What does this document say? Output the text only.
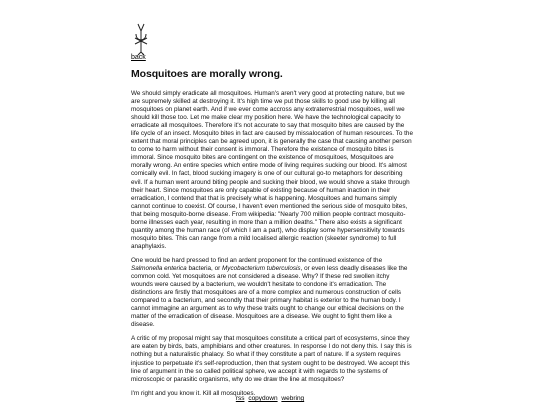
back
Mosquitoes are morally wrong.

We should simply eradicate all mosquitoes. Human's aren't very good at protecting nature, but we are supremely skilled at destroying it. It's high time we put those skills to good use by killing all mosquitoes on planet earth. And if we ever come accross any extraterrestrial mosquitoes, well we should kill those too. Let me make clear my position here. We have the technological capacity to erradicate all mosquitoes. Therefore it's not accurate to say that mosquito bites are caused by the life cycle of an insect. Mosquito bites in fact are caused by missalocation of human resources. To the extent that moral principles can be agreed upon, it is generally the case that causing another person to come to harm without their consent is immoral. Therefore the existence of mosquito bites is immoral. Since mosquito bites are contingent on the existence of mosquitoes, Mosquitoes are morally wrong. An entire species which entire mode of living requires sucking our blood. It's almost comically evil. In fact, blood sucking imagery is one of our cultural go-to metaphors for describing evil. If a human went around biting people and sucking their blood, we would shove a stake through their heart. Since mosquitoes are only capable of existing because of human inaction in their erradication, I contend that that is precisely what is happening. Mosquitoes and humans simply cannot continue to coexist. Of course, I haven't even mentioned the serious side of mosquito bites, that being mosquito-borne disease. From wikipedia: "Nearly 700 million people contract mosquito-borne illnesses each year, resulting in more than a million deaths." There also exists a significant quantity among the human race (of which I am a part), who display some hypersensitivity towards mosquito bites. This can range from a mild localised allergic reaction (skeeter syndrome) to full anaphylaxis.

One would be hard pressed to find an ardent proponent for the continued existence of the Salmonella enterica bacteria, or Mycobacterium tuberculosis, or even less deadly diseases like the common cold. Yet mosquitoes are not considered a disease. Why? If these red swollen itchy wounds were caused by a bacterium, we wouldn't hesitate to condone it's erradication. The distinctions are firstly that mosquitoes are of a more complex and numerous construction of cells compared to a bacterium, and secondly that their primary habitat is exterior to the human body. I cannot immagine an argument as to why these traits ought to change our ethical decisions on the matter of the erradication of disease. Mosquitoes are a disease. We ought to fight them like a disease.

A critic of my proposal might say that mosquitoes constitute a critical part of ecosystems, since they are eaten by birds, bats, amphibians and other creatures. In response I do not deny this. I say this is nothing but a naturalistic phalacy. So what if they constitute a part of nature. If a system requires injustice to perpetuate it's self-reproduction, then that system ought to be destroyed. We accept this line of argument in the so called political sphere, we accept it with regards to the systems of microscopic or parasitic organisms, why do we draw the line at mosquitoes?

I'm right and you know it. Kill all mosquitoes.

rss copydown webring
